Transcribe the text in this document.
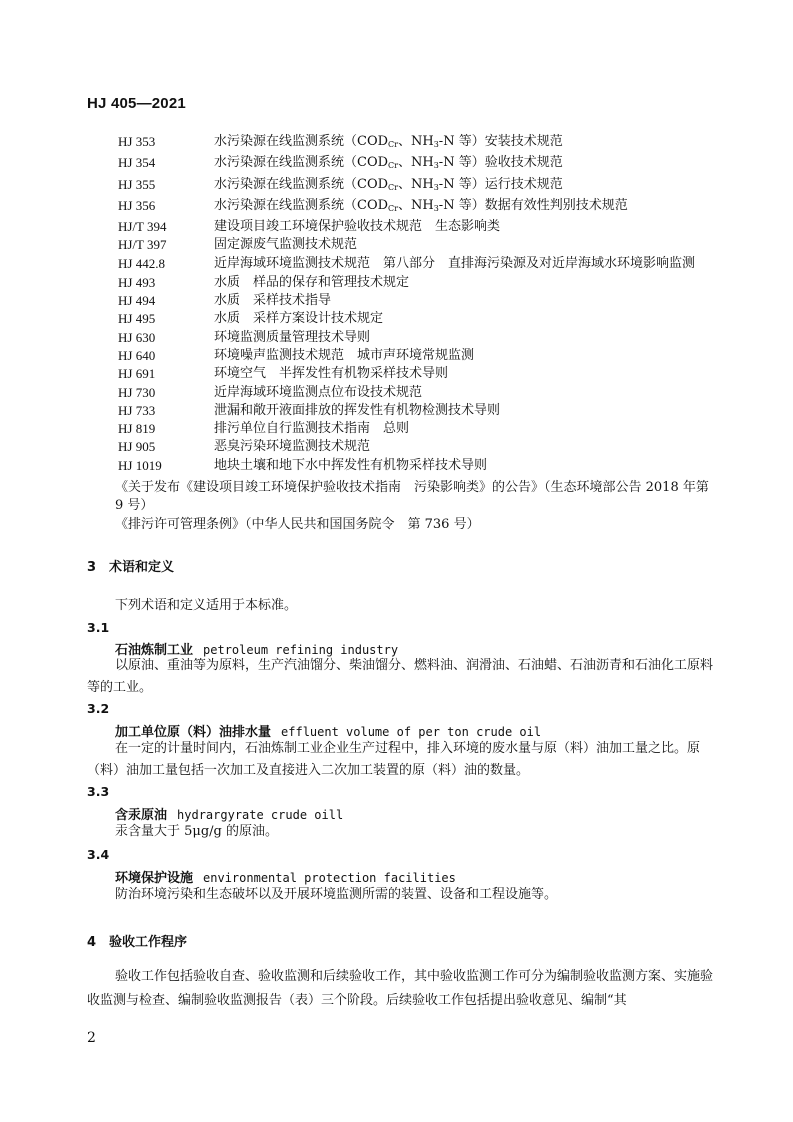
HJ 405—2021
HJ 353	水污染源在线监测系统（$COD_{Cr}$、$NH_3-N$ 等）安装技术规范
HJ 354	水污染源在线监测系统（$COD_{Cr}$、$NH_3-N$ 等）验收技术规范
HJ 355	水污染源在线监测系统（$COD_{Cr}$、$NH_3-N$ 等）运行技术规范
HJ 356	水污染源在线监测系统（$COD_{Cr}$、$NH_3-N$ 等）数据有效性判别技术规范
HJ/T 394	建设项目竣工环境保护验收技术规范　生态影响类
HJ/T 397	固定源废气监测技术规范
HJ 442.8	近岸海域环境监测技术规范　第八部分　直排海污染源及对近岸海域水环境影响监测
HJ 493	水质　样品的保存和管理技术规定
HJ 494	水质　采样技术指导
HJ 495	水质　采样方案设计技术规定
HJ 630	环境监测质量管理技术导则
HJ 640	环境噪声监测技术规范　城市声环境常规监测
HJ 691	环境空气　半挥发性有机物采样技术导则
HJ 730	近岸海域环境监测点位布设技术规范
HJ 733	泄漏和敞开液面排放的挥发性有机物检测技术导则
HJ 819	排污单位自行监测技术指南　总则
HJ 905	恶臭污染环境监测技术规范
HJ 1019	地块土壤和地下水中挥发性有机物采样技术导则
《关于发布《建设项目竣工环境保护验收技术指南　污染影响类》的公告》（生态环境部公告 2018 年第 9 号）
《排污许可管理条例》（中华人民共和国国务院令　第 736 号）
3 术语和定义
下列术语和定义适用于本标准。
3.1
石油炼制工业 petroleum refining industry
以原油、重油等为原料，生产汽油馏分、柴油馏分、燃料油、润滑油、石油蜡、石油沥青和石油化工原料等的工业。
3.2
加工单位原（料）油排水量 effluent volume of per ton crude oil
在一定的计量时间内，石油炼制工业企业生产过程中，排入环境的废水量与原（料）油加工量之比。原（料）油加工量包括一次加工及直接进入二次加工装置的原（料）油的数量。
3.3
含汞原油 hydrargyrate crude oill
汞含量大于 5μg/g 的原油。
3.4
环境保护设施 environmental protection facilities
防治环境污染和生态破坏以及开展环境监测所需的装置、设备和工程设施等。
4 验收工作程序
验收工作包括验收自查、验收监测和后续验收工作，其中验收监测工作可分为编制验收监测方案、实施验收监测与检查、编制验收监测报告（表）三个阶段。后续验收工作包括提出验收意见、编制“其
2
